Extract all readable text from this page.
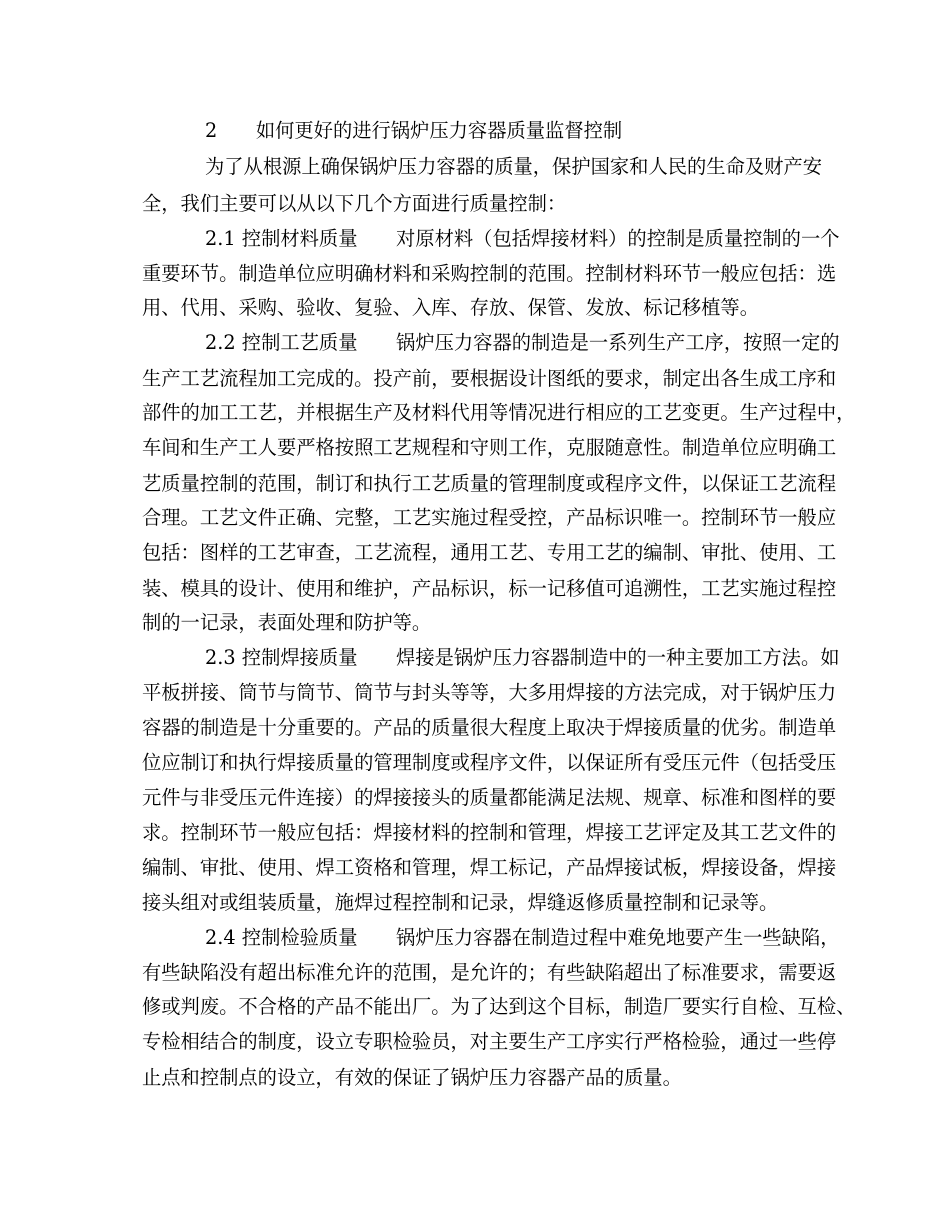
2　　如何更好的进行锅炉压力容器质量监督控制
为了从根源上确保锅炉压力容器的质量，保护国家和人民的生命及财产安
全，我们主要可以从以下几个方面进行质量控制：
2.1 控制材料质量　　对原材料（包括焊接材料）的控制是质量控制的一个
重要环节。制造单位应明确材料和采购控制的范围。控制材料环节一般应包括：选
用、代用、采购、验收、复验、入库、存放、保管、发放、标记移植等。
2.2 控制工艺质量　　锅炉压力容器的制造是一系列生产工序，按照一定的
生产工艺流程加工完成的。投产前，要根据设计图纸的要求，制定出各生成工序和
部件的加工工艺，并根据生产及材料代用等情况进行相应的工艺变更。生产过程中，
车间和生产工人要严格按照工艺规程和守则工作，克服随意性。制造单位应明确工
艺质量控制的范围，制订和执行工艺质量的管理制度或程序文件，以保证工艺流程
合理。工艺文件正确、完整，工艺实施过程受控，产品标识唯一。控制环节一般应
包括：图样的工艺审查，工艺流程，通用工艺、专用工艺的编制、审批、使用、工
装、模具的设计、使用和维护，产品标识，标一记移值可追溯性，工艺实施过程控
制的一记录，表面处理和防护等。
2.3 控制焊接质量　　焊接是锅炉压力容器制造中的一种主要加工方法。如
平板拼接、筒节与筒节、筒节与封头等等，大多用焊接的方法完成，对于锅炉压力
容器的制造是十分重要的。产品的质量很大程度上取决于焊接质量的优劣。制造单
位应制订和执行焊接质量的管理制度或程序文件，以保证所有受压元件（包括受压
元件与非受压元件连接）的焊接接头的质量都能满足法规、规章、标准和图样的要
求。控制环节一般应包括：焊接材料的控制和管理，焊接工艺评定及其工艺文件的
编制、审批、使用、焊工资格和管理，焊工标记，产品焊接试板，焊接设备，焊接
接头组对或组装质量，施焊过程控制和记录，焊缝返修质量控制和记录等。
2.4 控制检验质量　　锅炉压力容器在制造过程中难免地要产生一些缺陷，
有些缺陷没有超出标准允许的范围，是允许的；有些缺陷超出了标准要求，需要返
修或判废。不合格的产品不能出厂。为了达到这个目标，制造厂要实行自检、互检、
专检相结合的制度，设立专职检验员，对主要生产工序实行严格检验，通过一些停
止点和控制点的设立，有效的保证了锅炉压力容器产品的质量。
